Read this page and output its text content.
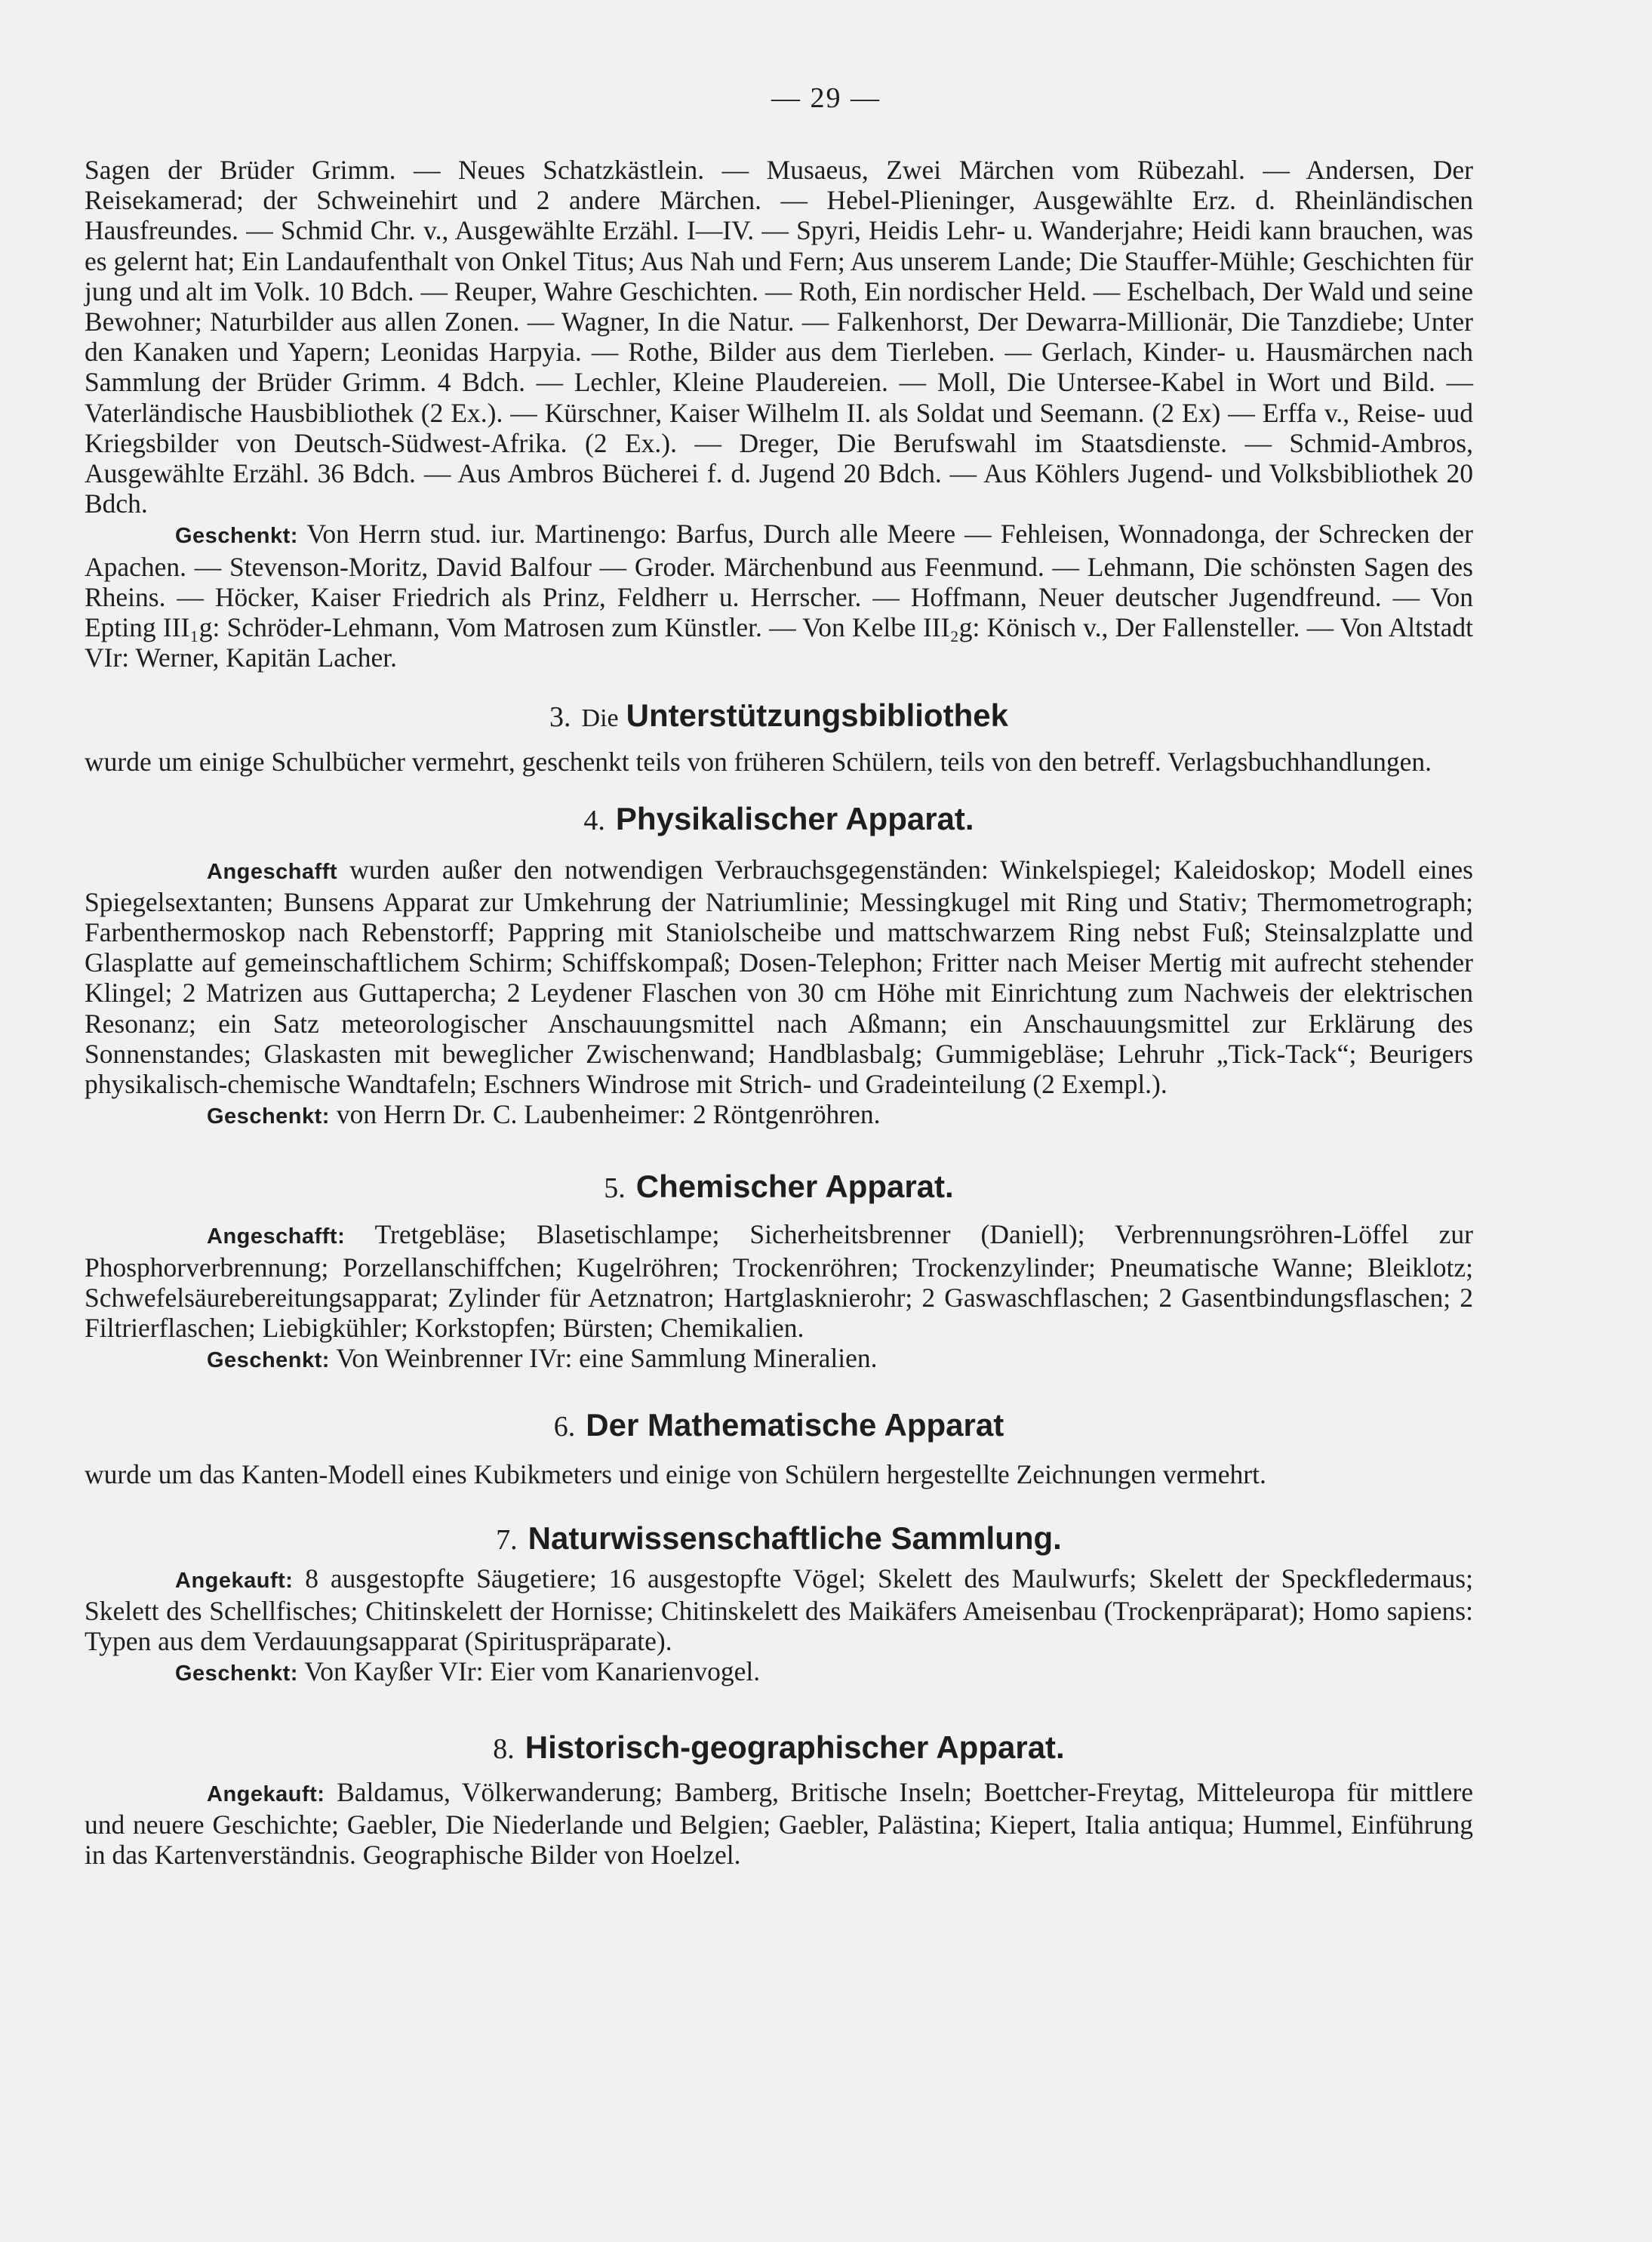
— 29 —

Sagen der Brüder Grimm. — Neues Schatzkästlein. — Musaeus, Zwei Märchen vom Rübezahl. — Andersen, Der Reisekamerad; der Schweinehirt und 2 andere Märchen. — Hebel-Plieninger, Ausgewählte Erz. d. Rheinländischen Hausfreundes. — Schmid Chr. v., Ausgewählte Erzähl. I—IV. — Spyri, Heidis Lehr- u. Wanderjahre; Heidi kann brauchen, was es gelernt hat; Ein Landaufenthalt von Onkel Titus; Aus Nah und Fern; Aus unserem Lande; Die Stauffer-Mühle; Geschichten für jung und alt im Volk. 10 Bdch. — Reuper, Wahre Geschichten. — Roth, Ein nordischer Held. — Eschelbach, Der Wald und seine Bewohner; Naturbilder aus allen Zonen. — Wagner, In die Natur. — Falkenhorst, Der Dewarra-Millionär, Die Tanzdiebe; Unter den Kanaken und Yapern; Leonidas Harpyia. — Rothe, Bilder aus dem Tierleben. — Gerlach, Kinder- u. Hausmärchen nach Sammlung der Brüder Grimm. 4 Bdch. — Lechler, Kleine Plaudereien. — Moll, Die Untersee-Kabel in Wort und Bild. — Vaterländische Hausbibliothek (2 Ex.). — Kürschner, Kaiser Wilhelm II. als Soldat und Seemann. (2 Ex) — Erffa v., Reise- uud Kriegsbilder von Deutsch-Südwest-Afrika. (2 Ex.). — Dreger, Die Berufswahl im Staatsdienste. — Schmid-Ambros, Ausgewählte Erzähl. 36 Bdch. — Aus Ambros Bücherei f. d. Jugend 20 Bdch. — Aus Köhlers Jugend- und Volksbibliothek 20 Bdch.

Geschenkt: Von Herrn stud. iur. Martinengo: Barfus, Durch alle Meere — Fehleisen, Wonnadonga, der Schrecken der Apachen. — Stevenson-Moritz, David Balfour — Groder. Märchenbund aus Feenmund. — Lehmann, Die schönsten Sagen des Rheins. — Höcker, Kaiser Friedrich als Prinz, Feldherr u. Herrscher. — Hoffmann, Neuer deutscher Jugendfreund. — Von Epting III₁g: Schröder-Lehmann, Vom Matrosen zum Künstler. — Von Kelbe III₂g: Könisch v., Der Fallensteller. — Von Altstadt VIr: Werner, Kapitän Lacher.

3. Die Unterstützungsbibliothek

wurde um einige Schulbücher vermehrt, geschenkt teils von früheren Schülern, teils von den betreff. Verlagsbuchhandlungen.

4. Physikalischer Apparat.

Angeschafft wurden außer den notwendigen Verbrauchsgegenständen: Winkelspiegel; Kaleidoskop; Modell eines Spiegelsextanten; Bunsens Apparat zur Umkehrung der Natriumlinie; Messingkugel mit Ring und Stativ; Thermometrograph; Farbenthermoskop nach Rebenstorff; Pappring mit Staniolscheibe und mattschwarzem Ring nebst Fuß; Steinsalzplatte und Glasplatte auf gemeinschaftlichem Schirm; Schiffskompaß; Dosen-Telephon; Fritter nach Meiser Mertig mit aufrecht stehender Klingel; 2 Matrizen aus Guttapercha; 2 Leydener Flaschen von 30 cm Höhe mit Einrichtung zum Nachweis der elektrischen Resonanz; ein Satz meteorologischer Anschauungsmittel nach Aßmann; ein Anschauungsmittel zur Erklärung des Sonnenstandes; Glaskasten mit beweglicher Zwischenwand; Handblasbalg; Gummigebläse; Lehruhr „Tick-Tack“; Beurigers physikalisch-chemische Wandtafeln; Eschners Windrose mit Strich- und Gradeinteilung (2 Exempl.).

Geschenkt: von Herrn Dr. C. Laubenheimer: 2 Röntgenröhren.

5. Chemischer Apparat.

Angeschafft: Tretgebläse; Blasetischlampe; Sicherheitsbrenner (Daniell); Verbrennungsröhren-Löffel zur Phosphorverbrennung; Porzellanschiffchen; Kugelröhren; Trockenröhren; Trockenzylinder; Pneumatische Wanne; Bleiklotz; Schwefelsäurebereitungsapparat; Zylinder für Aetznatron; Hartglasknierohr; 2 Gaswaschflaschen; 2 Gasentbindungsflaschen; 2 Filtrierflaschen; Liebigkühler; Korkstopfen; Bürsten; Chemikalien.

Geschenkt: Von Weinbrenner IVr: eine Sammlung Mineralien.

6. Der Mathematische Apparat

wurde um das Kanten-Modell eines Kubikmeters und einige von Schülern hergestellte Zeichnungen vermehrt.

7. Naturwissenschaftliche Sammlung.

Angekauft: 8 ausgestopfte Säugetiere; 16 ausgestopfte Vögel; Skelett des Maulwurfs; Skelett der Speckfledermaus; Skelett des Schellfisches; Chitinskelett der Hornisse; Chitinskelett des Maikäfers Ameisenbau (Trockenpräparat); Homo sapiens: Typen aus dem Verdauungsapparat (Spirituspräparate).

Geschenkt: Von Kayßer VIr: Eier vom Kanarienvogel.

8. Historisch-geographischer Apparat.

Angekauft: Baldamus, Völkerwanderung; Bamberg, Britische Inseln; Boettcher-Freytag, Mitteleuropa für mittlere und neuere Geschichte; Gaebler, Die Niederlande und Belgien; Gaebler, Palästina; Kiepert, Italia antiqua; Hummel, Einführung in das Kartenverständnis. Geographische Bilder von Hoelzel.
